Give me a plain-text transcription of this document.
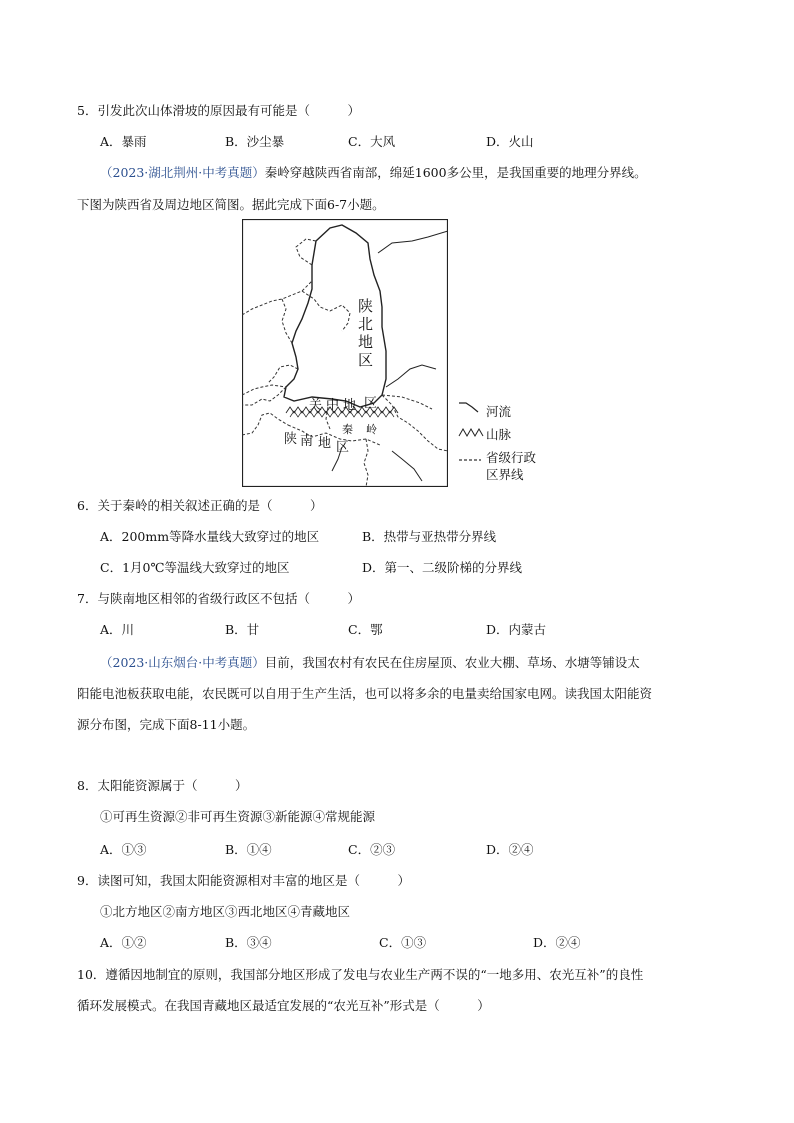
5．引发此次山体滑坡的原因最有可能是（　　　）
A．暴雨	B．沙尘暴	C．大风	D．火山
（2023·湖北荆州·中考真题）秦岭穿越陕西省南部，绵延1600多公里，是我国重要的地理分界线。
下图为陕西省及周边地区简图。据此完成下面6-7小题。
陕
北
地
区
关 中 地 区
秦 岭
陕 南 地 区
河流
山脉
省级行政
区界线
6．关于秦岭的相关叙述正确的是（　　　）
A．200mm等降水量线大致穿过的地区	B．热带与亚热带分界线
C．1月0℃等温线大致穿过的地区	D．第一、二级阶梯的分界线
7．与陕南地区相邻的省级行政区不包括（　　　）
A．川	B．甘	C．鄂	D．内蒙古
（2023·山东烟台·中考真题）目前，我国农村有农民在住房屋顶、农业大棚、草场、水塘等铺设太
阳能电池板获取电能，农民既可以自用于生产生活，也可以将多余的电量卖给国家电网。读我国太阳能资
源分布图，完成下面8-11小题。
8．太阳能资源属于（　　　）
①可再生资源②非可再生资源③新能源④常规能源
A．①③	B．①④	C．②③	D．②④
9．读图可知，我国太阳能资源相对丰富的地区是（　　　）
①北方地区②南方地区③西北地区④青藏地区
A．①②	B．③④	C．①③	D．②④
10．遵循因地制宜的原则，我国部分地区形成了发电与农业生产两不误的“一地多用、农光互补”的良性
循环发展模式。在我国青藏地区最适宜发展的“农光互补”形式是（　　　）
